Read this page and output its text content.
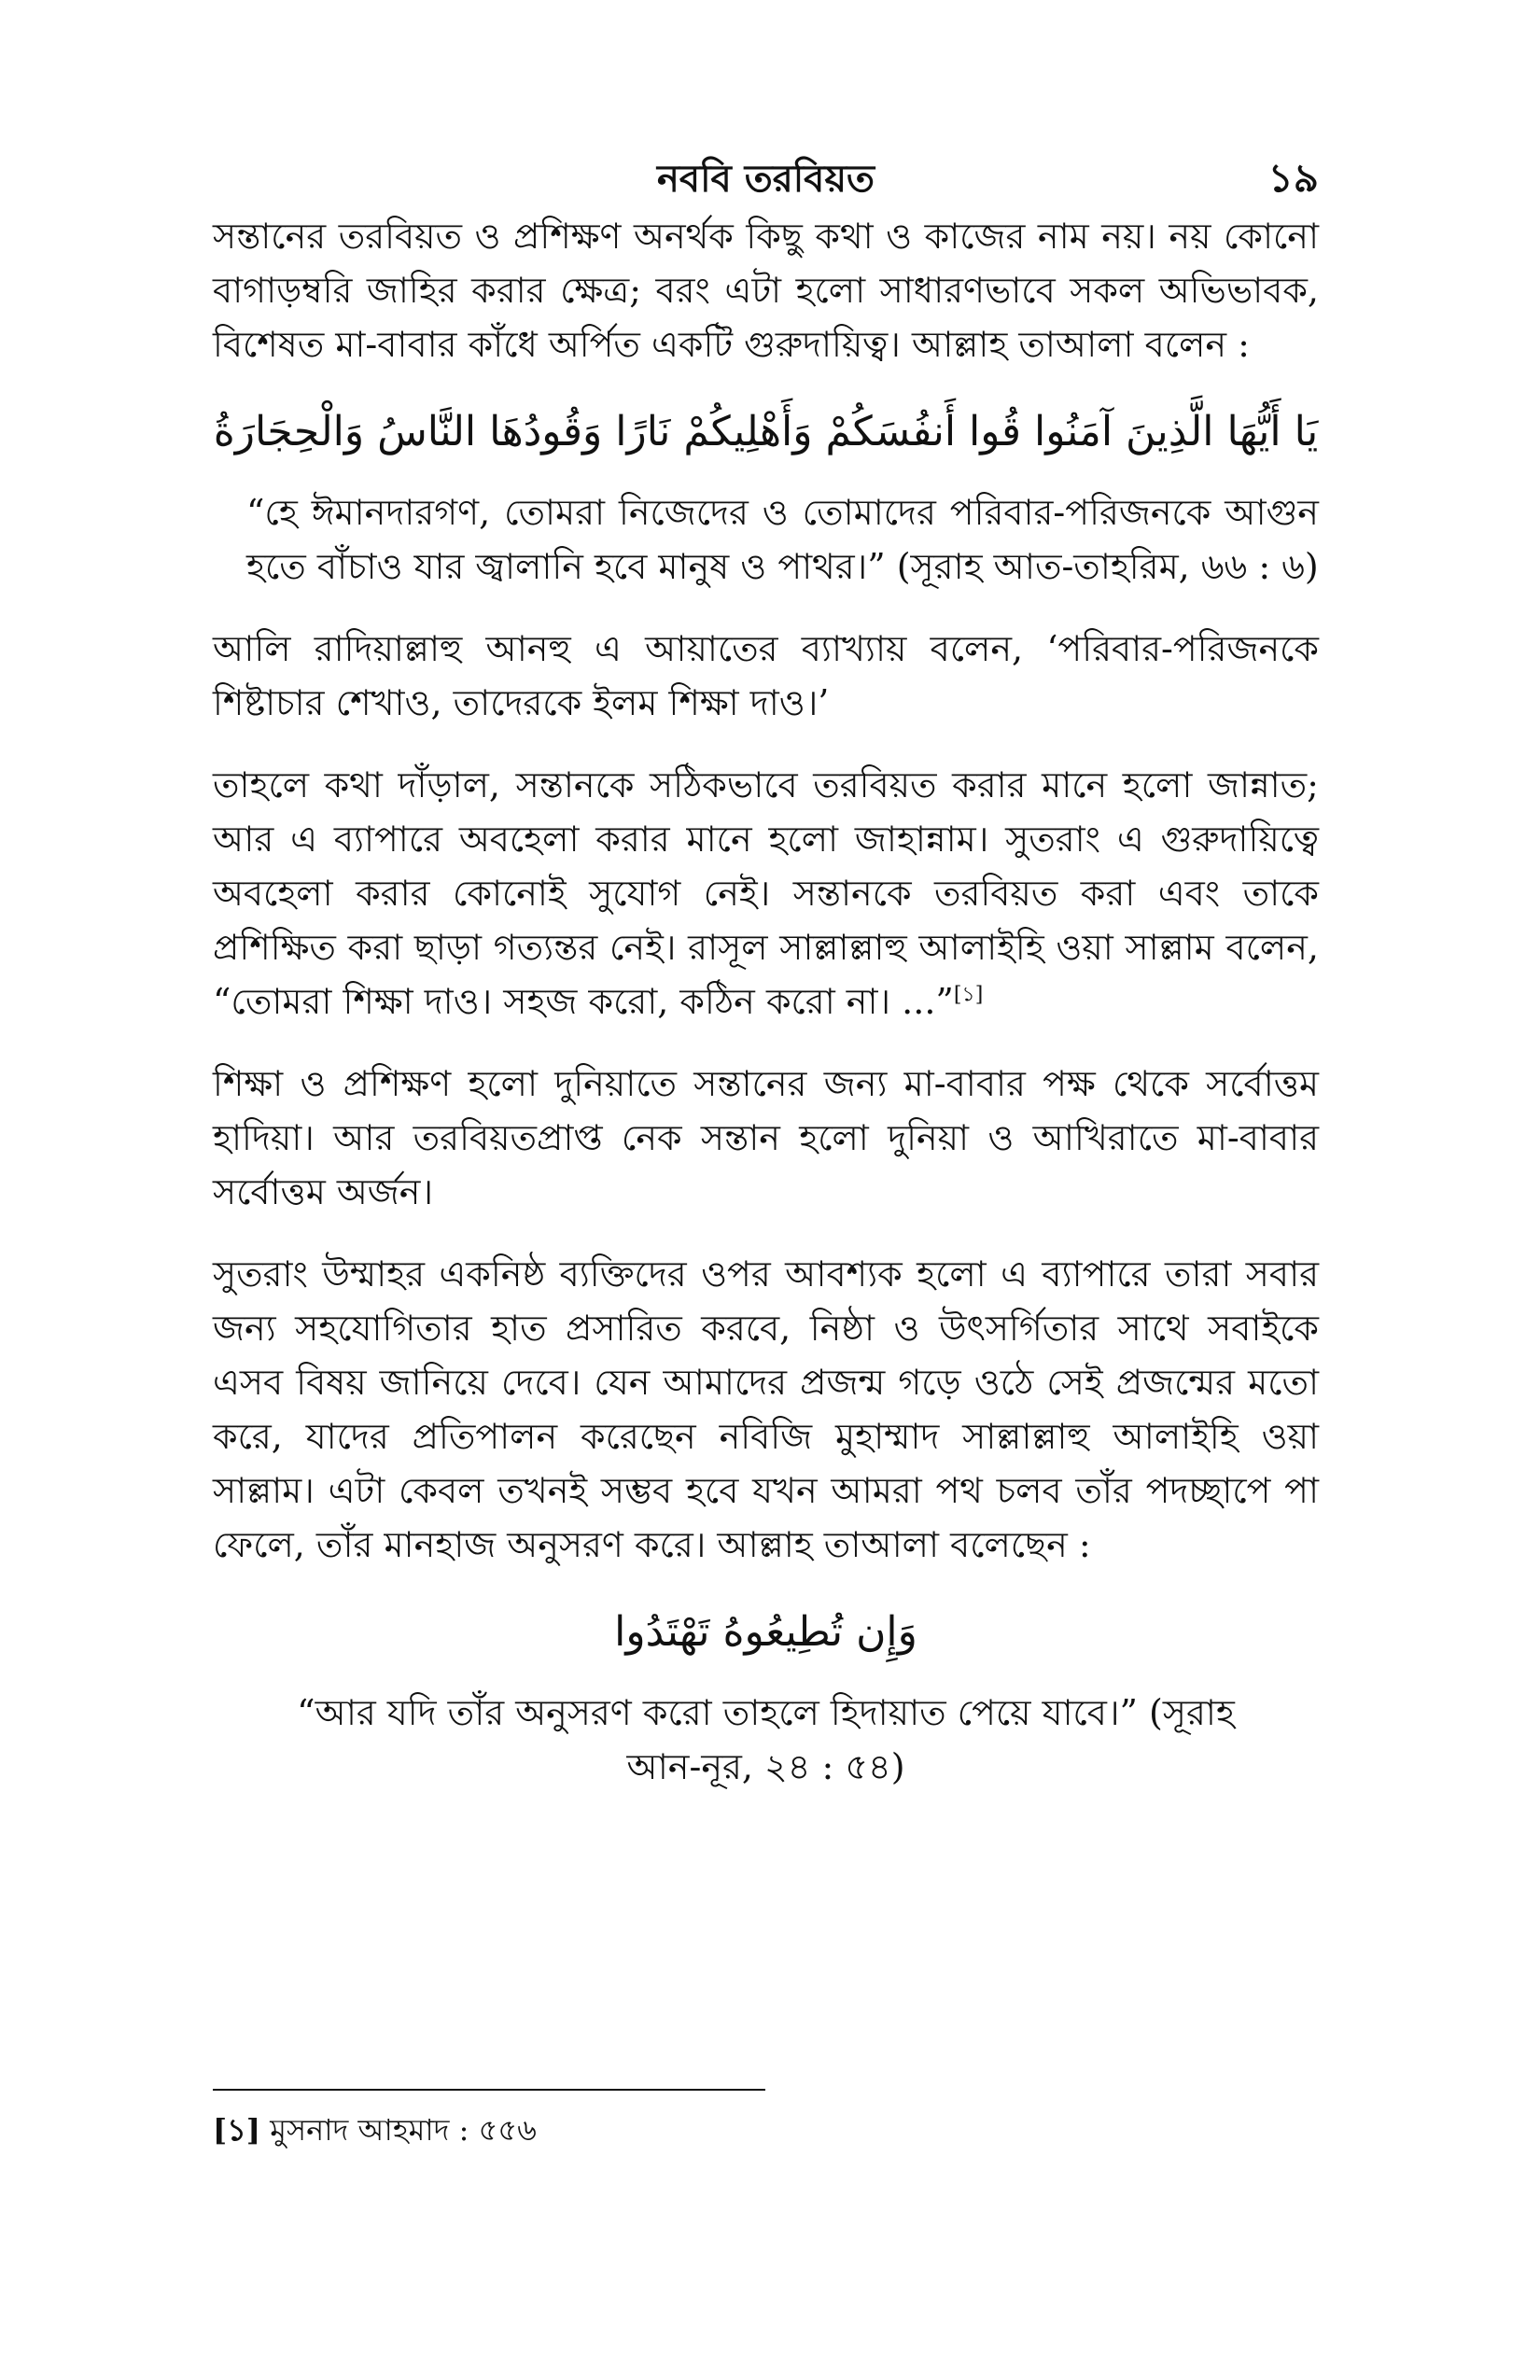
নববি তরবিয়ত	১৯

সন্তানের তরবিয়ত ও প্রশিক্ষণ অনর্থক কিছু কথা ও কাজের নাম নয়। নয় কোনো বাগাড়ম্বরি জাহির করার ক্ষেত্র; বরং এটা হলো সাধারণভাবে সকল অভিভাবক, বিশেষত মা-বাবার কাঁধে অর্পিত একটি গুরুদায়িত্ব। আল্লাহ তাআলা বলেন :

يَا أَيُّهَا الَّذِينَ آمَنُوا قُوا أَنفُسَكُمْ وَأَهْلِيكُمْ نَارًا وَقُودُهَا النَّاسُ وَالْحِجَارَةُ

“হে ঈমানদারগণ, তোমরা নিজেদের ও তোমাদের পরিবার-পরিজনকে আগুন হতে বাঁচাও যার জ্বালানি হবে মানুষ ও পাথর।” (সূরাহ আত-তাহরিম, ৬৬ : ৬)

আলি রাদিয়াল্লাহু আনহু এ আয়াতের ব্যাখ্যায় বলেন, ‘পরিবার-পরিজনকে শিষ্টাচার শেখাও, তাদেরকে ইলম শিক্ষা দাও।’

তাহলে কথা দাঁড়াল, সন্তানকে সঠিকভাবে তরবিয়ত করার মানে হলো জান্নাত; আর এ ব্যাপারে অবহেলা করার মানে হলো জাহান্নাম। সুতরাং এ গুরুদায়িত্বে অবহেলা করার কোনোই সুযোগ নেই। সন্তানকে তরবিয়ত করা এবং তাকে প্রশিক্ষিত করা ছাড়া গত্যন্তর নেই। রাসূল সাল্লাল্লাহু আলাইহি ওয়া সাল্লাম বলেন, “তোমরা শিক্ষা দাও। সহজ করো, কঠিন করো না। ...”[১]

শিক্ষা ও প্রশিক্ষণ হলো দুনিয়াতে সন্তানের জন্য মা-বাবার পক্ষ থেকে সর্বোত্তম হাদিয়া। আর তরবিয়তপ্রাপ্ত নেক সন্তান হলো দুনিয়া ও আখিরাতে মা-বাবার সর্বোত্তম অর্জন।

সুতরাং উম্মাহর একনিষ্ঠ ব্যক্তিদের ওপর আবশ্যক হলো এ ব্যাপারে তারা সবার জন্য সহযোগিতার হাত প্রসারিত করবে, নিষ্ঠা ও উৎসর্গিতার সাথে সবাইকে এসব বিষয় জানিয়ে দেবে। যেন আমাদের প্রজন্ম গড়ে ওঠে সেই প্রজন্মের মতো করে, যাদের প্রতিপালন করেছেন নবিজি মুহাম্মাদ সাল্লাল্লাহু আলাইহি ওয়া সাল্লাম। এটা কেবল তখনই সম্ভব হবে যখন আমরা পথ চলব তাঁর পদচ্ছাপে পা ফেলে, তাঁর মানহাজ অনুসরণ করে। আল্লাহ তাআলা বলেছেন :

وَإِن تُطِيعُوهُ تَهْتَدُوا

“আর যদি তাঁর অনুসরণ করো তাহলে হিদায়াত পেয়ে যাবে।” (সূরাহ আন-নূর, ২৪ : ৫৪)

[১] মুসনাদ আহমাদ : ৫৫৬
